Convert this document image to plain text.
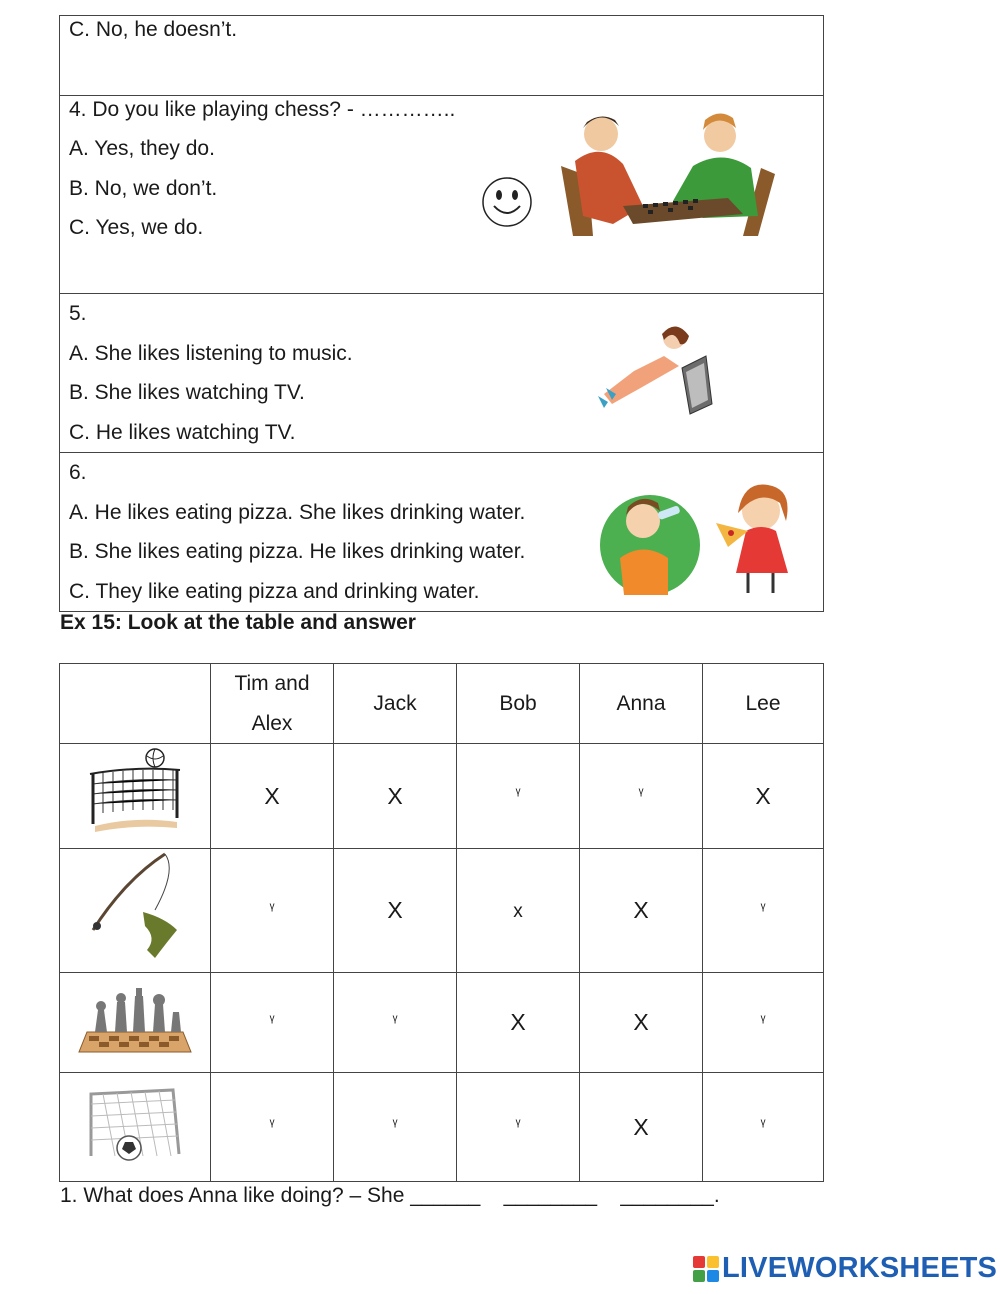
C. No, he doesn’t.

4. Do you like playing chess? - …………..
A. Yes, they do.
B. No, we don’t.
C. Yes, we do.

5.
A. She likes listening to music.
B. She likes watching TV.
C. He likes watching TV.

6.
A. He likes eating pizza. She likes drinking water.
B. She likes eating pizza. He likes drinking water.
C. They like eating pizza and drinking water.
Ex 15: Look at the table and answer

	Tim and
Alex	Jack	Bob	Anna	Lee
	X	X	ᵞ	ᵞ	X
	ᵞ	X	x	X	ᵞ
	ᵞ	ᵞ	X	X	ᵞ
	ᵞ	ᵞ	ᵞ	X	ᵞ
1. What does Anna like doing? – She ______    ________    ________.
LIVEWORKSHEETS
